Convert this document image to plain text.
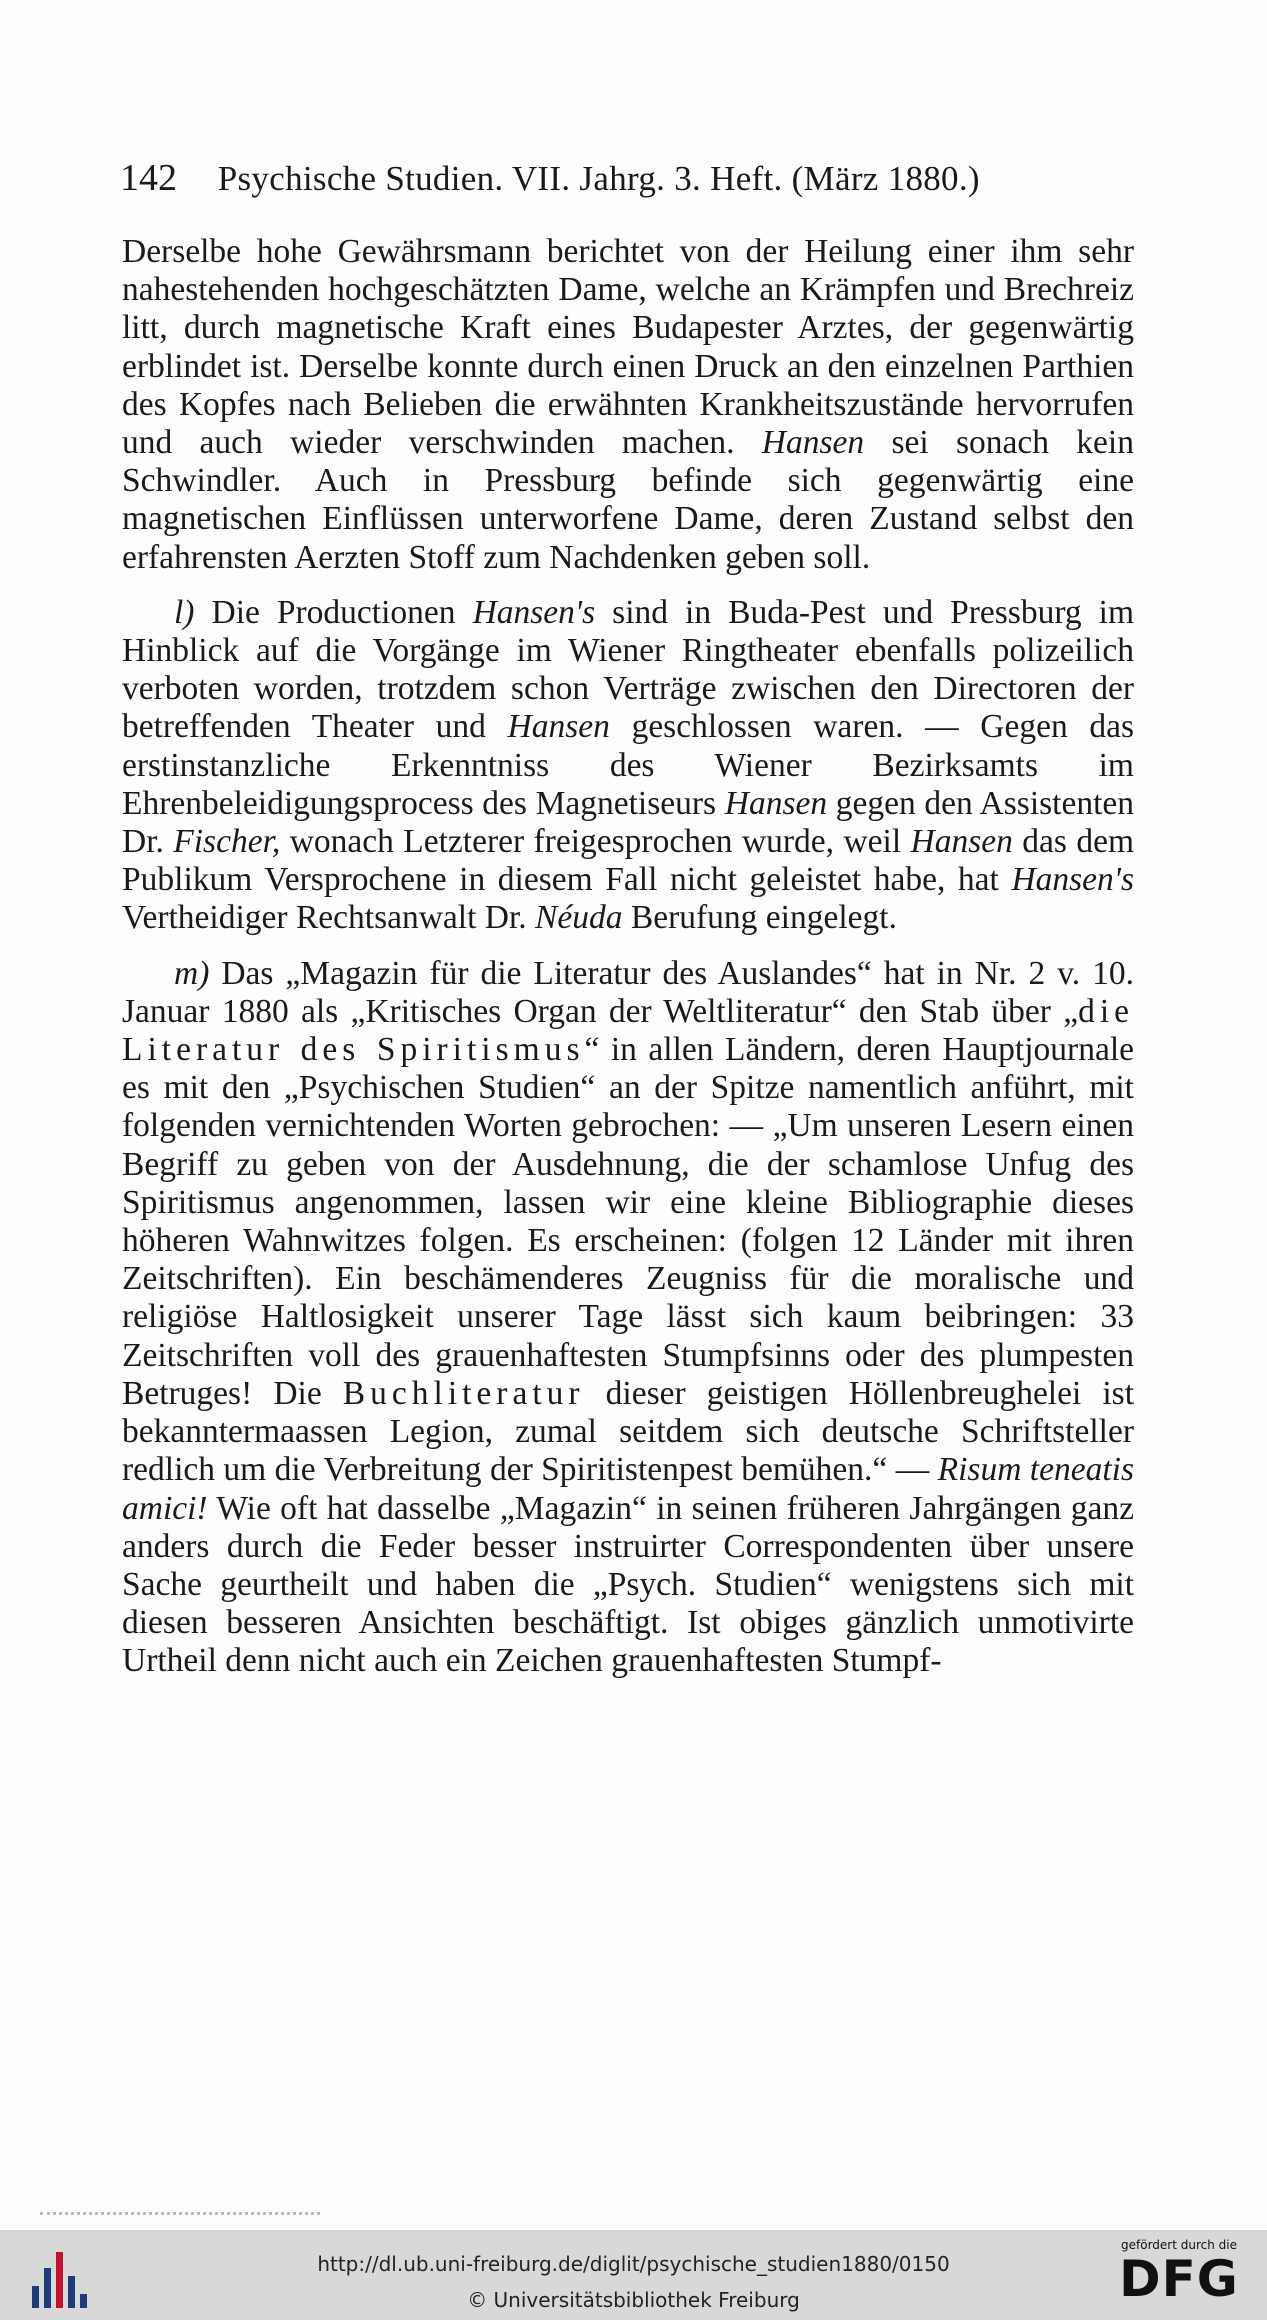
142 Psychische Studien. VII. Jahrg. 3. Heft. (März 1880.)

Derselbe hohe Gewährsmann berichtet von der Heilung einer ihm sehr nahestehenden hochgeschätzten Dame, welche an Krämpfen und Brechreiz litt, durch magnetische Kraft eines Budapester Arztes, der gegenwärtig erblindet ist. Derselbe konnte durch einen Druck an den einzelnen Parthien des Kopfes nach Belieben die erwähnten Krankheitszustände hervorrufen und auch wieder verschwinden machen. Hansen sei sonach kein Schwindler. Auch in Pressburg befinde sich gegenwärtig eine magnetischen Einflüssen unterworfene Dame, deren Zustand selbst den erfahrensten Aerzten Stoff zum Nachdenken geben soll.

l) Die Productionen Hansen's sind in Buda-Pest und Pressburg im Hinblick auf die Vorgänge im Wiener Ringtheater ebenfalls polizeilich verboten worden, trotzdem schon Verträge zwischen den Directoren der betreffenden Theater und Hansen geschlossen waren. — Gegen das erstinstanzliche Erkenntniss des Wiener Bezirksamts im Ehrenbeleidigungsprocess des Magnetiseurs Hansen gegen den Assistenten Dr. Fischer, wonach Letzterer freigesprochen wurde, weil Hansen das dem Publikum Versprochene in diesem Fall nicht geleistet habe, hat Hansen's Vertheidiger Rechtsanwalt Dr. Néuda Berufung eingelegt.

m) Das „Magazin für die Literatur des Auslandes“ hat in Nr. 2 v. 10. Januar 1880 als „Kritisches Organ der Weltliteratur“ den Stab über „die Literatur des Spiritismus“ in allen Ländern, deren Hauptjournale es mit den „Psychischen Studien“ an der Spitze namentlich anführt, mit folgenden vernichtenden Worten gebrochen: — „Um unseren Lesern einen Begriff zu geben von der Ausdehnung, die der schamlose Unfug des Spiritismus angenommen, lassen wir eine kleine Bibliographie dieses höheren Wahnwitzes folgen. Es erscheinen: (folgen 12 Länder mit ihren Zeitschriften). Ein beschämenderes Zeugniss für die moralische und religiöse Haltlosigkeit unserer Tage lässt sich kaum beibringen: 33 Zeitschriften voll des grauenhaftesten Stumpfsinns oder des plumpesten Betruges! Die Buchliteratur dieser geistigen Höllenbreughelei ist bekanntermaassen Legion, zumal seitdem sich deutsche Schriftsteller redlich um die Verbreitung der Spiritistenpest bemühen.“ — Risum teneatis amici! Wie oft hat dasselbe „Magazin“ in seinen früheren Jahrgängen ganz anders durch die Feder besser instruirter Correspondenten über unsere Sache geurtheilt und haben die „Psych. Studien“ wenigstens sich mit diesen besseren Ansichten beschäftigt. Ist obiges gänzlich unmotivirte Urtheil denn nicht auch ein Zeichen grauenhaftesten Stumpf-

http://dl.ub.uni-freiburg.de/diglit/psychische_studien1880/0150
© Universitätsbibliothek Freiburg
gefördert durch die
DFG
